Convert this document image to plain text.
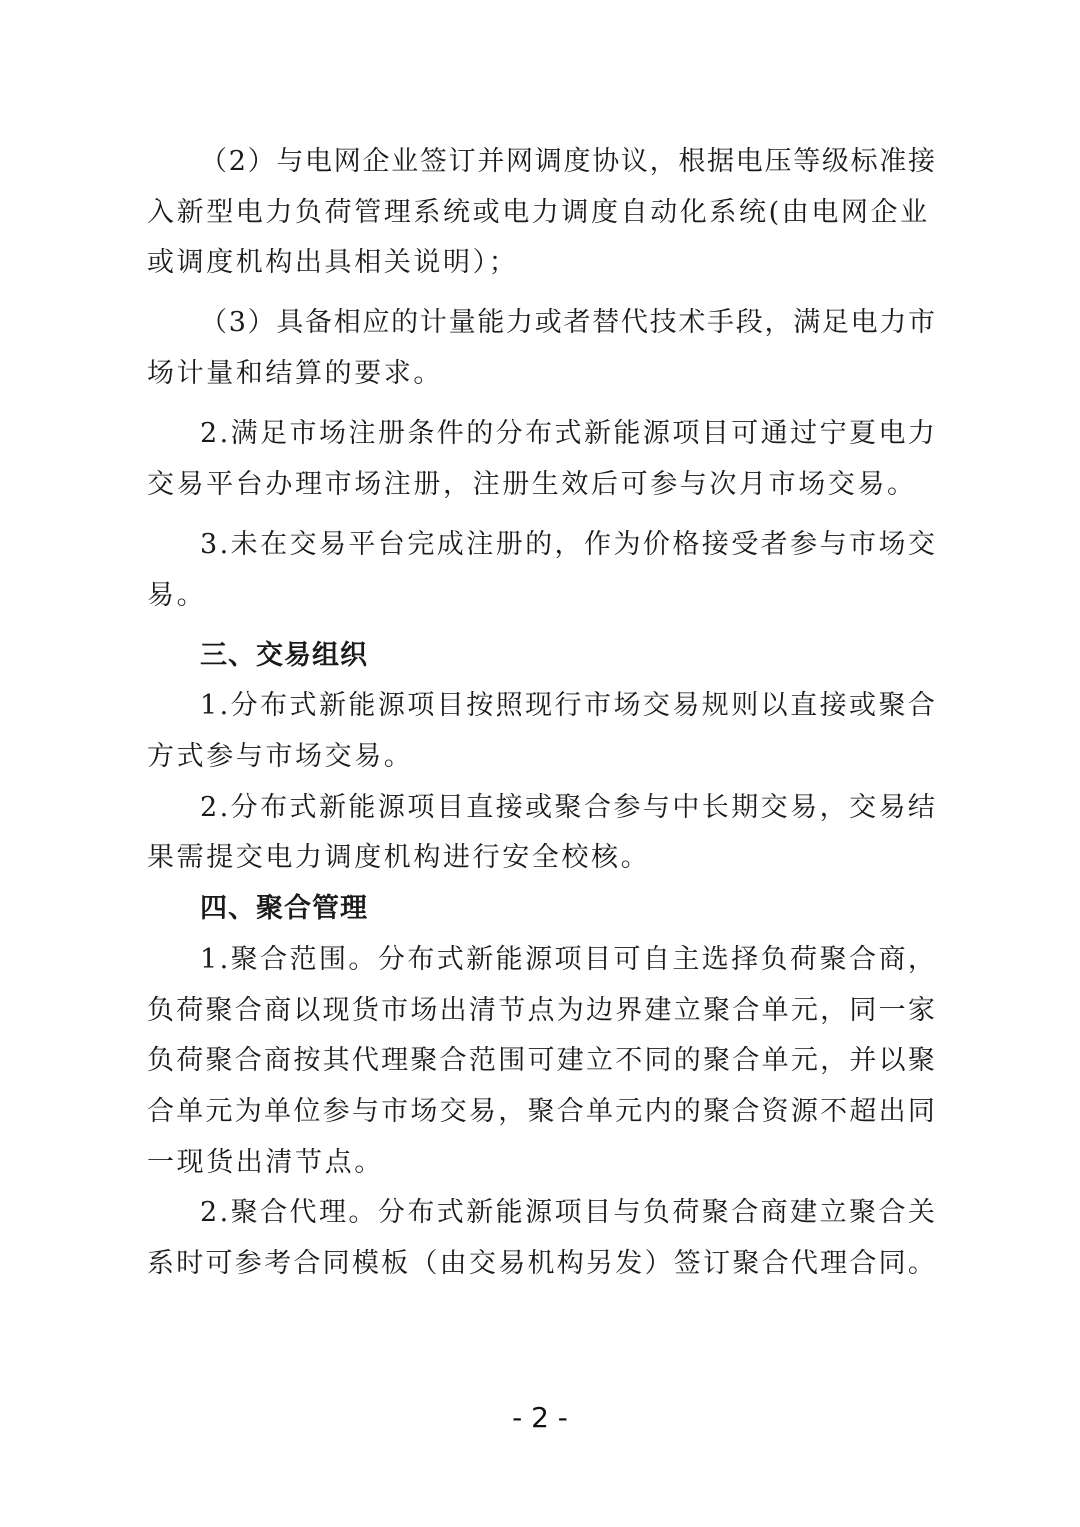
（2）与电网企业签订并网调度协议，根据电压等级标准接
入新型电力负荷管理系统或电力调度自动化系统(由电网企业
或调度机构出具相关说明）；
（3）具备相应的计量能力或者替代技术手段，满足电力市
场计量和结算的要求。
2.满足市场注册条件的分布式新能源项目可通过宁夏电力
交易平台办理市场注册，注册生效后可参与次月市场交易。
3.未在交易平台完成注册的，作为价格接受者参与市场交
易。
三、交易组织
1.分布式新能源项目按照现行市场交易规则以直接或聚合
方式参与市场交易。
2.分布式新能源项目直接或聚合参与中长期交易，交易结
果需提交电力调度机构进行安全校核。
四、聚合管理
1.聚合范围。分布式新能源项目可自主选择负荷聚合商，
负荷聚合商以现货市场出清节点为边界建立聚合单元，同一家
负荷聚合商按其代理聚合范围可建立不同的聚合单元，并以聚
合单元为单位参与市场交易，聚合单元内的聚合资源不超出同
一现货出清节点。
2.聚合代理。分布式新能源项目与负荷聚合商建立聚合关
系时可参考合同模板（由交易机构另发）签订聚合代理合同。
- 2 -
